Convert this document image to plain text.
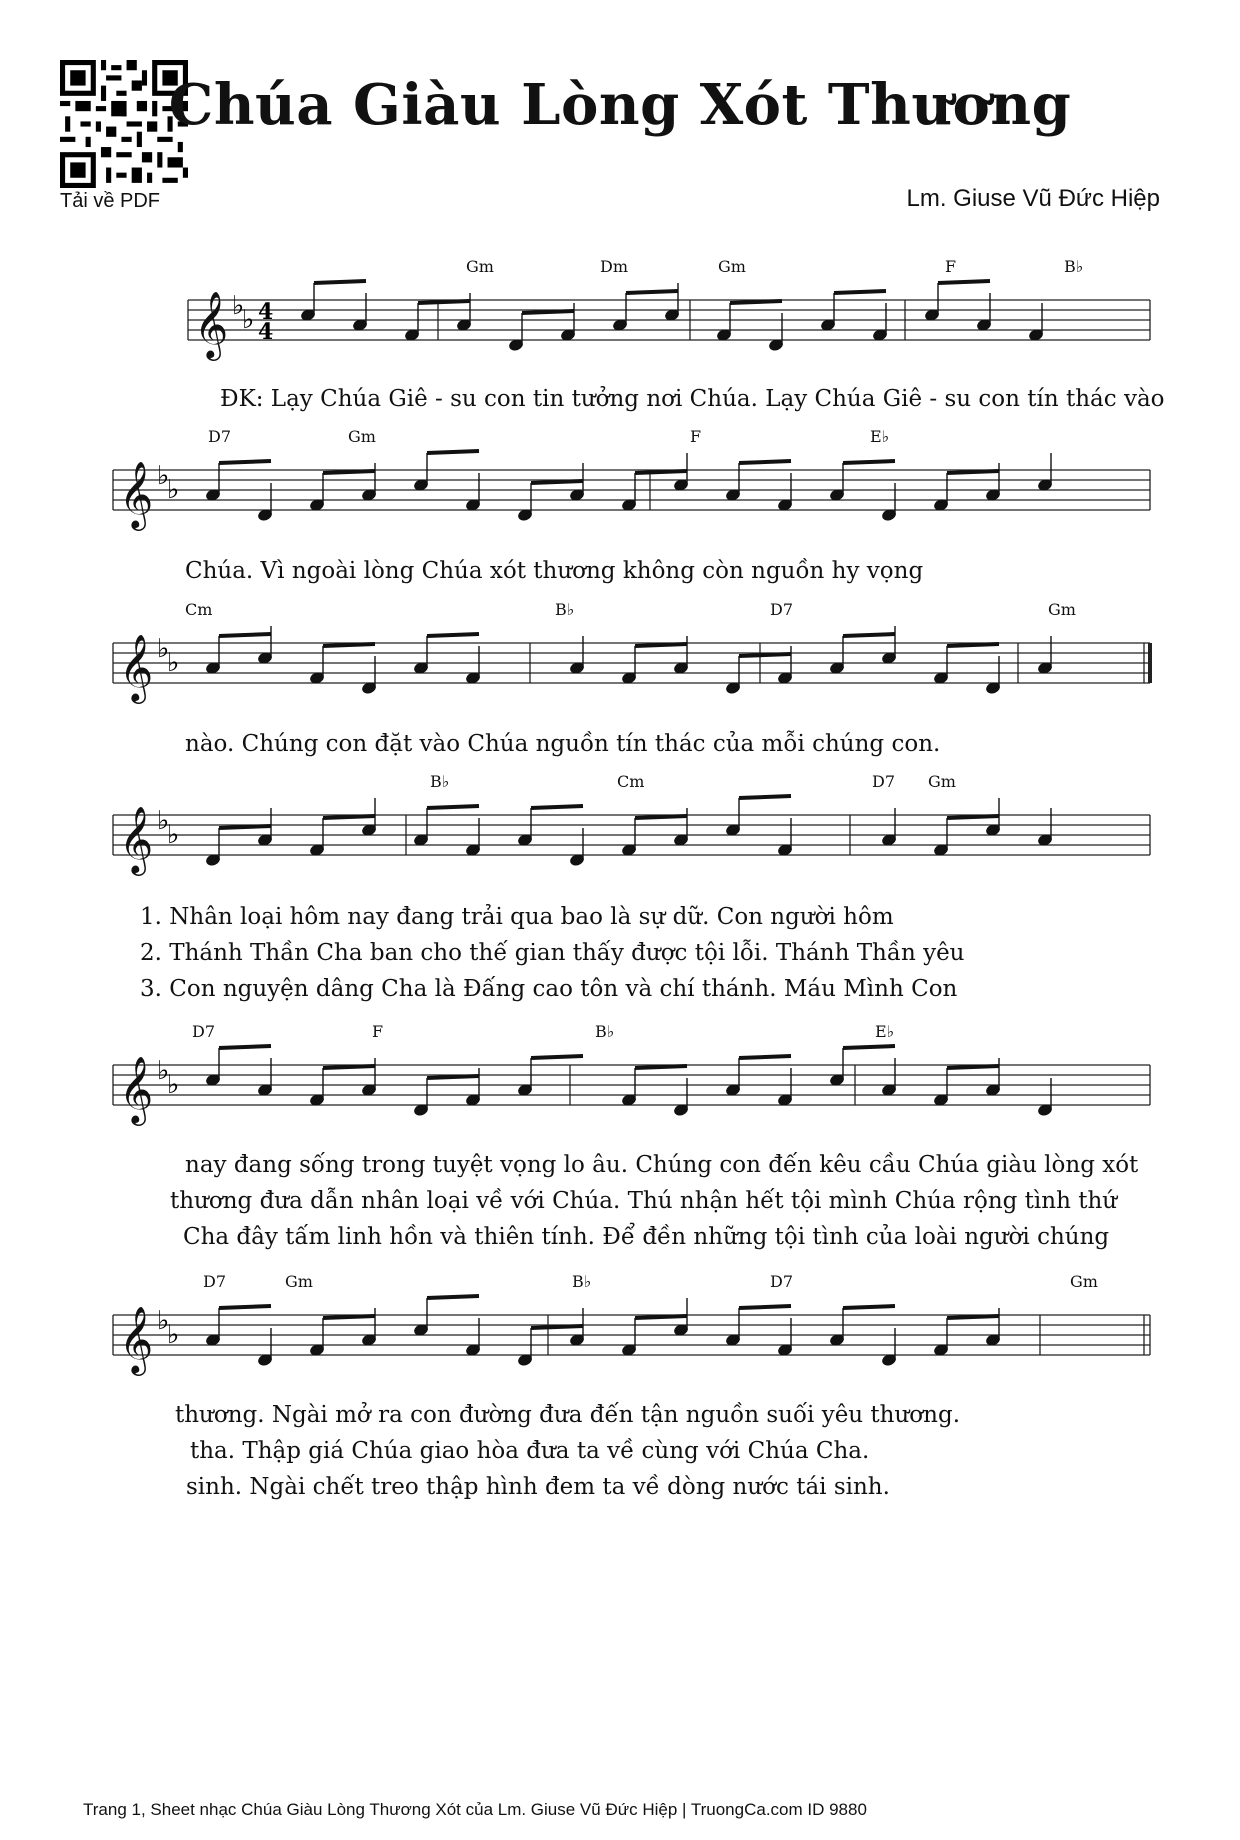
Tải về PDF
Chúa Giàu Lòng Xót Thương
Lm. Giuse Vũ Đức Hiệp
𝄞 ♭
♭ 4
4
𝄞 ♭
♭
𝄞 ♭
♭
𝄞 ♭
♭
𝄞 ♭
♭
𝄞 ♭
♭
Gm	Dm	Gm	F	B♭
D7	Gm	F	E♭
Cm	B♭	D7	Gm
B♭	Cm	D7 Gm
D7	F	B♭	E♭
D7	Gm	B♭	D7	Gm
ĐK: Lạy Chúa Giê - su con tin tưởng nơi Chúa. Lạy Chúa Giê - su con tín thác vào
Chúa. Vì ngoài lòng Chúa xót thương không còn nguồn hy vọng
nào. Chúng con đặt vào Chúa nguồn tín thác của mỗi chúng con.
1. Nhân loại hôm nay đang trải qua bao là sự dữ. Con người hôm
2. Thánh Thần Cha ban cho thế gian thấy được tội lỗi. Thánh Thần yêu
3. Con nguyện dâng Cha là Đấng cao tôn và chí thánh. Máu Mình Con
nay đang sống trong tuyệt vọng lo âu. Chúng con đến kêu cầu Chúa giàu lòng xót
thương đưa dẫn nhân loại về với Chúa. Thú nhận hết tội mình Chúa rộng tình thứ
Cha đây tấm linh hồn và thiên tính. Để đền những tội tình của loài người chúng
thương. Ngài mở ra con đường đưa đến tận nguồn suối yêu thương.
tha. Thập giá Chúa giao hòa đưa ta về cùng với Chúa Cha.
sinh. Ngài chết treo thập hình đem ta về dòng nước tái sinh.
Trang 1, Sheet nhạc Chúa Giàu Lòng Thương Xót của Lm. Giuse Vũ Đức Hiệp | TruongCa.com ID 9880
